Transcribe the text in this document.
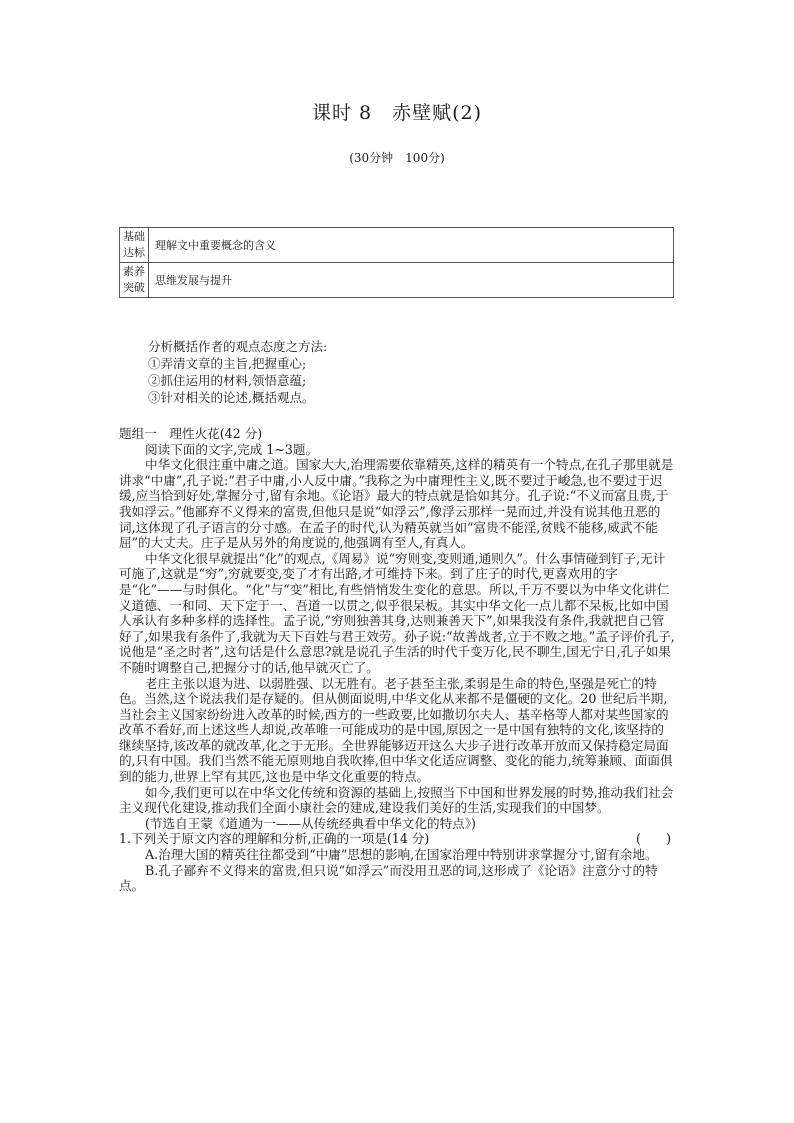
课时 8　赤壁赋(2)
(30分钟　100分)
基础
达标	理解文中重要概念的含义

素养
突破	思维发展与提升
分析概括作者的观点态度之方法:
①弄清文章的主旨,把握重心;
②抓住运用的材料,领悟意蕴;
③针对相关的论述,概括观点。

题组一　理性火花(42 分)

阅读下面的文字,完成 1~3题。

中华文化很注重中庸之道。国家大大,治理需要依靠精英,这样的精英有一个特点,在孔子那里就是讲求“中庸”,孔子说:“君子中庸,小人反中庸。”我称之为中庸理性主义,既不要过于峻急,也不要过于迟缓,应当恰到好处,掌握分寸,留有余地。《论语》最大的特点就是恰如其分。孔子说:“不义而富且贵,于我如浮云。”他鄙弃不义得来的富贵,但他只是说“如浮云”,像浮云那样一晃而过,并没有说其他丑恶的词,这体现了孔子语言的分寸感。在孟子的时代,认为精英就当如“富贵不能淫,贫贱不能移,威武不能屈”的大丈夫。庄子是从另外的角度说的,他强调有至人,有真人。

中华文化很早就提出“化”的观点,《周易》说“穷则变,变则通,通则久”。什么事情碰到钉子,无计可施了,这就是“穷”,穷就要变,变了才有出路,才可维持下来。到了庄子的时代,更喜欢用的字是“化”——与时俱化。“化”与“变”相比,有些悄悄发生变化的意思。所以,千万不要以为中华文化讲仁义道德、一和同、天下定于一、吾道一以贯之,似乎很呆板。其实中华文化一点儿都不呆板,比如中国人承认有多种多样的选择性。孟子说,“穷则独善其身,达则兼善天下”,如果我没有条件,我就把自己管好了,如果我有条件了,我就为天下百姓与君王效劳。孙子说:“故善战者,立于不败之地。”孟子评价孔子,说他是“圣之时者”,这句话是什么意思?就是说孔子生活的时代千变万化,民不聊生,国无宁日,孔子如果不随时调整自己,把握分寸的话,他早就灭亡了。

老庄主张以退为进、以弱胜强、以无胜有。老子甚至主张,柔弱是生命的特色,坚强是死亡的特色。当然,这个说法我们是存疑的。但从侧面说明,中华文化从来都不是僵硬的文化。20 世纪后半期,当社会主义国家纷纷进入改革的时候,西方的一些政要,比如撒切尔夫人、基辛格等人都对某些国家的改革不看好,而上述这些人却说,改革唯一可能成功的是中国,原因之一是中国有独特的文化,该坚持的继续坚持,该改革的就改革,化之于无形。全世界能够迈开这么大步子进行改革开放而又保持稳定局面的,只有中国。我们当然不能无原则地自我吹捧,但中华文化适应调整、变化的能力,统筹兼顾、面面俱到的能力,世界上罕有其匹,这也是中华文化重要的特点。

如今,我们更可以在中华文化传统和资源的基础上,按照当下中国和世界发展的时势,推动我们社会主义现代化建设,推动我们全面小康社会的建成,建设我们美好的生活,实现我们的中国梦。

(节选自王蒙《道通为一——从传统经典看中华文化的特点》)

1.下列关于原文内容的理解和分析,正确的一项是(14 分)	(　　)

A.治理大国的精英往往都受到“中庸”思想的影响,在国家治理中特别讲求掌握分寸,留有余地。

B.孔子鄙弃不义得来的富贵,但只说“如浮云”而没用丑恶的词,这形成了《论语》注意分寸的特点。
